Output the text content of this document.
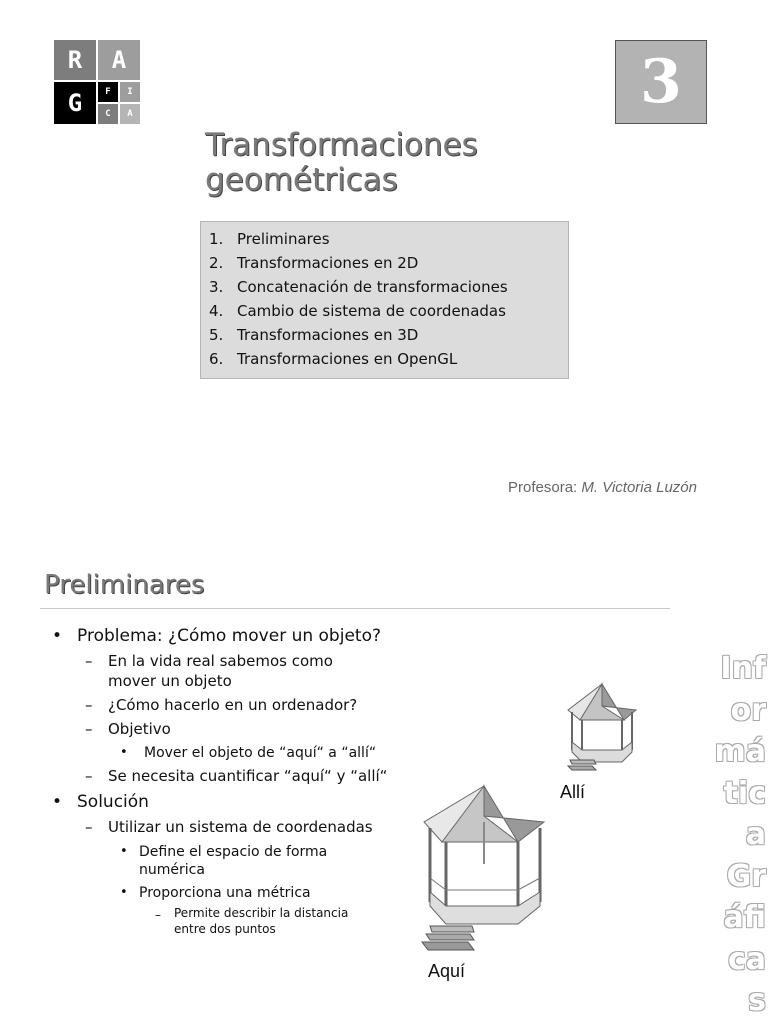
R	A
G	F	I
C	A	3
Transformaciones
geométricas
1. Preliminares
2. Transformaciones en 2D
3. Concatenación de transformaciones
4. Cambio de sistema de coordenadas
5. Transformaciones en 3D
6. Transformaciones en OpenGL
Profesora: M. Victoria Luzón
Preliminares
• Problema: ¿Cómo mover un objeto?
– En la vida real sabemos como
mover un objeto
– ¿Cómo hacerlo en un ordenador?
– Objetivo
• Mover el objeto de “aquí“ a “allí“
– Se necesita cuantificar “aquí“ y “allí“
• Solución
– Utilizar un sistema de coordenadas
• Define el espacio de forma
numérica
• Proporciona una métrica
– Permite describir la distancia
entre dos puntos
Allí
Aquí
Inf
or
má
tic
a
Gr
áfi
ca
s
